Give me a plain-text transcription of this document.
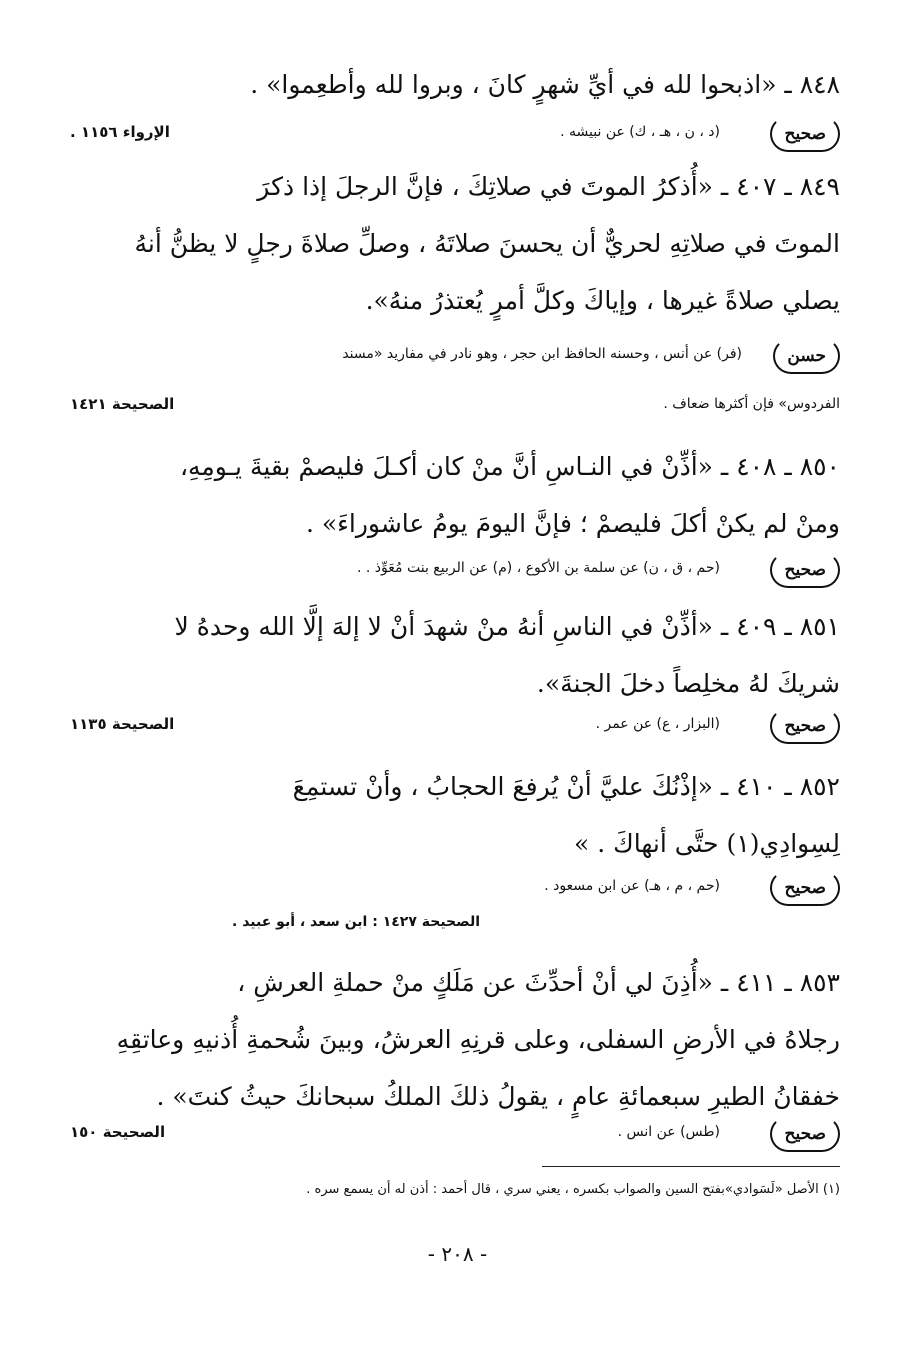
٨٤٨ ـ «اذبحوا لله في أيِّ شهرٍ كانَ ، وبروا لله وأطعِموا» .
صحيح
(د ، ن ، هـ ، ك) عن نبيشه .
الإرواء ١١٥٦ .
٨٤٩ ـ ٤٠٧ ـ «أُذكرُ الموتَ في صلاتِكَ ، فإنَّ الرجلَ إذا ذكرَ
الموتَ في صلاتِهِ لحريٌّ أن يحسنَ صلاتَهُ ، وصلِّ صلاةَ رجلٍ لا يظنُّ أنهُ
يصلي صلاةً غيرها ، وإياكَ وكلَّ أمرٍ يُعتذرُ منهُ».
حسن
(فر) عن أنس ، وحسنه الحافظ ابن حجر ، وهو نادر في مفاريد «مسند
الفردوس» فإن أكثرها ضعاف .
الصحيحة ١٤٢١
٨٥٠ ـ ٤٠٨ ـ «أذِّنْ في النـاسِ أنَّ منْ كان أكـلَ فليصمْ بقيةَ يـومِهِ،
ومنْ لم يكنْ أكلَ فليصمْ ؛ فإنَّ اليومَ يومُ عاشوراءَ» .
صحيح
(حم ، ق ، ن) عن سلمة بن الأكوع ، (م) عن الربيع بنت مُعَوِّذ . .
٨٥١ ـ ٤٠٩ ـ «أذِّنْ في الناسِ أنهُ منْ شهدَ أنْ لا إلهَ إلَّا الله وحدهُ لا
شريكَ لهُ مخلِصاً دخلَ الجنةَ».
صحيح
(البزار ، ع) عن عمر .
الصحيحة ١١٣٥
٨٥٢ ـ ٤١٠ ـ «إذْنُكَ عليَّ أنْ يُرفعَ الحجابُ ، وأنْ تستمِعَ
لِسِوادِي(١) حتَّى أنهاكَ . »
صحيح
(حم ، م ، هـ) عن ابن مسعود .
الصحيحة ١٤٢٧ : ابن سعد ، أبو عبيد .
٨٥٣ ـ ٤١١ ـ «أُذِنَ لي أنْ أحدِّثَ عن مَلَكٍ منْ حملةِ العرشِ ،
رجلاهُ في الأرضِ السفلى، وعلى قرنِهِ العرشُ، وبينَ شُحمةِ أُذنيهِ وعاتقِهِ
خفقانُ الطيرِ سبعمائةِ عامٍ ، يقولُ ذلكَ الملكُ سبحانكَ حيثُ كنتَ» .
صحيح
(طس) عن انس .
الصحيحة ١٥٠
(١) الأصل «لَسَوادي»بفتح السين والصواب بكسره ، يعني سري ، قال أحمد : أذن له أن يسمع سره .
- ٢٠٨ -
